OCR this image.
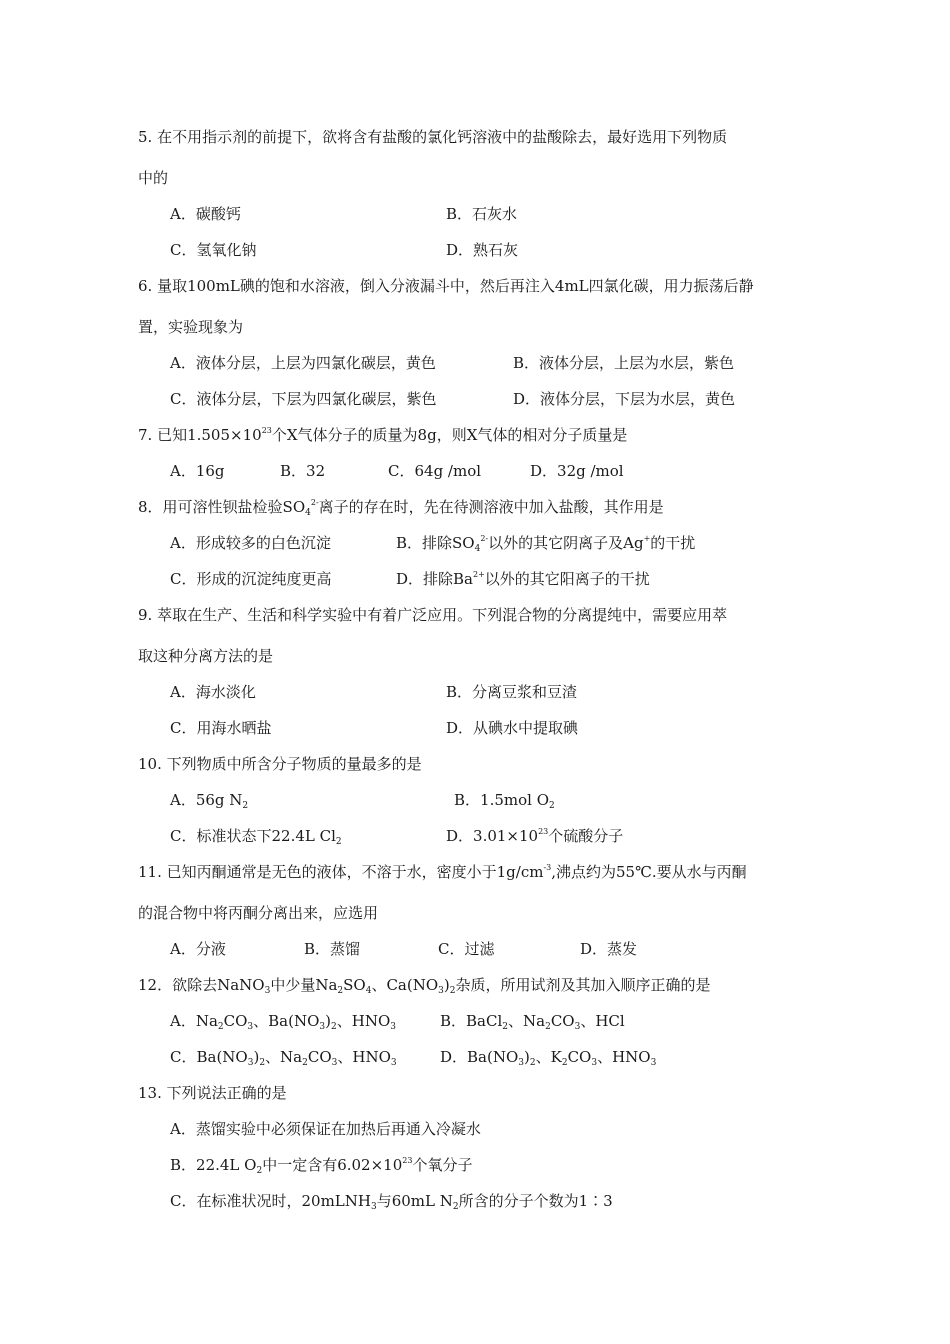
5. 在不用指示剂的前提下，欲将含有盐酸的氯化钙溶液中的盐酸除去，最好选用下列物质
中的
A．碳酸钙	B．石灰水
C．氢氧化钠	D．熟石灰
6. 量取100mL碘的饱和水溶液，倒入分液漏斗中，然后再注入4mL四氯化碳，用力振荡后静
置，实验现象为
A．液体分层，上层为四氯化碳层，黄色	B．液体分层，上层为水层，紫色
C．液体分层，下层为四氯化碳层，紫色	D．液体分层，下层为水层，黄色
7. 已知$1.505\times 10^{23}$个X气体分子的质量为8g，则X气体的相对分子质量是
A．16g	B．32	C．64g /mol	D．32g /mol
8．用可溶性钡盐检验$SO_4^{2-}$离子的存在时，先在待测溶液中加入盐酸，其作用是
A．形成较多的白色沉淀	B．排除$SO_4^{2-}$以外的其它阴离子及Ag+的干扰
C．形成的沉淀纯度更高	D．排除$Ba^{2+}$以外的其它阳离子的干扰
9. 萃取在生产、生活和科学实验中有着广泛应用。下列混合物的分离提纯中，需要应用萃
取这种分离方法的是
A．海水淡化	B．分离豆浆和豆渣
C．用海水晒盐	D．从碘水中提取碘
10. 下列物质中所含分子物质的量最多的是
A．56g $N_2$	B．1.5mol $O_2$
C．标准状态下22.4L $Cl_2$	D．$3.01\times 10^{23}$个硫酸分子
11. 已知丙酮通常是无色的液体，不溶于水，密度小于$1g/cm^{-3}$,沸点约为55℃.要从水与丙酮
的混合物中将丙酮分离出来，应选用
A．分液	B．蒸馏	C．过滤	D．蒸发
12．欲除去NaNO$_3$中少量$Na_2SO_4$、$Ca(NO_3)_2$杂质，所用试剂及其加入顺序正确的是
A．$Na_2CO_3$、$Ba(NO_3)_2$、$HNO_3$	B．BaCl$_2$、$Na_2CO_3$、HCl
C．$Ba(NO_3)_2$、$Na_2CO_3$、$HNO_3$	D．$Ba(NO_3)_2$、$K_2CO_3$、$HNO_3$
13. 下列说法正确的是
A．蒸馏实验中必须保证在加热后再通入冷凝水
B．22.4L $O_2$中一定含有$6.02\times 10^{23}$个氧分子
C．在标准状况时，20mLNH$_3$与60mL $N_2$所含的分子个数为1∶3
